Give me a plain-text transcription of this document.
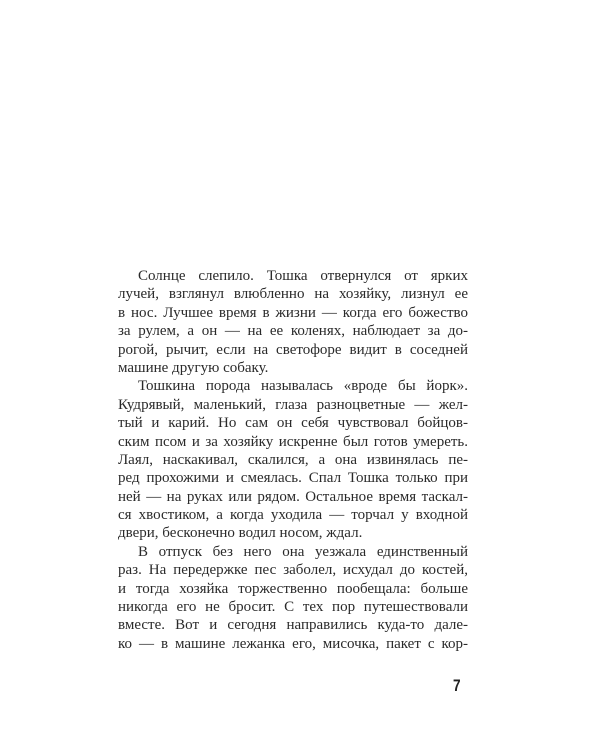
Солнце слепило. Тошка отвернулся от ярких
лучей, взглянул влюбленно на хозяйку, лизнул ее
в нос. Лучшее время в жизни — когда его божество
за рулем, а он — на ее коленях, наблюдает за до-
рогой, рычит, если на светофоре видит в соседней
машине другую собаку.
Тошкина порода называлась «вроде бы йорк».
Кудрявый, маленький, глаза разноцветные — жел-
тый и карий. Но сам он себя чувствовал бойцов-
ским псом и за хозяйку искренне был готов умереть.
Лаял, наскакивал, скалился, а она извинялась пе-
ред прохожими и смеялась. Спал Тошка только при
ней — на руках или рядом. Остальное время таскал-
ся хвостиком, а когда уходила — торчал у входной
двери, бесконечно водил носом, ждал.
В отпуск без него она уезжала единственный
раз. На передержке пес заболел, исхудал до костей,
и тогда хозяйка торжественно пообещала: больше
никогда его не бросит. С тех пор путешествовали
вместе. Вот и сегодня направились куда-то дале-
ко — в машине лежанка его, мисочка, пакет с кор-
7
